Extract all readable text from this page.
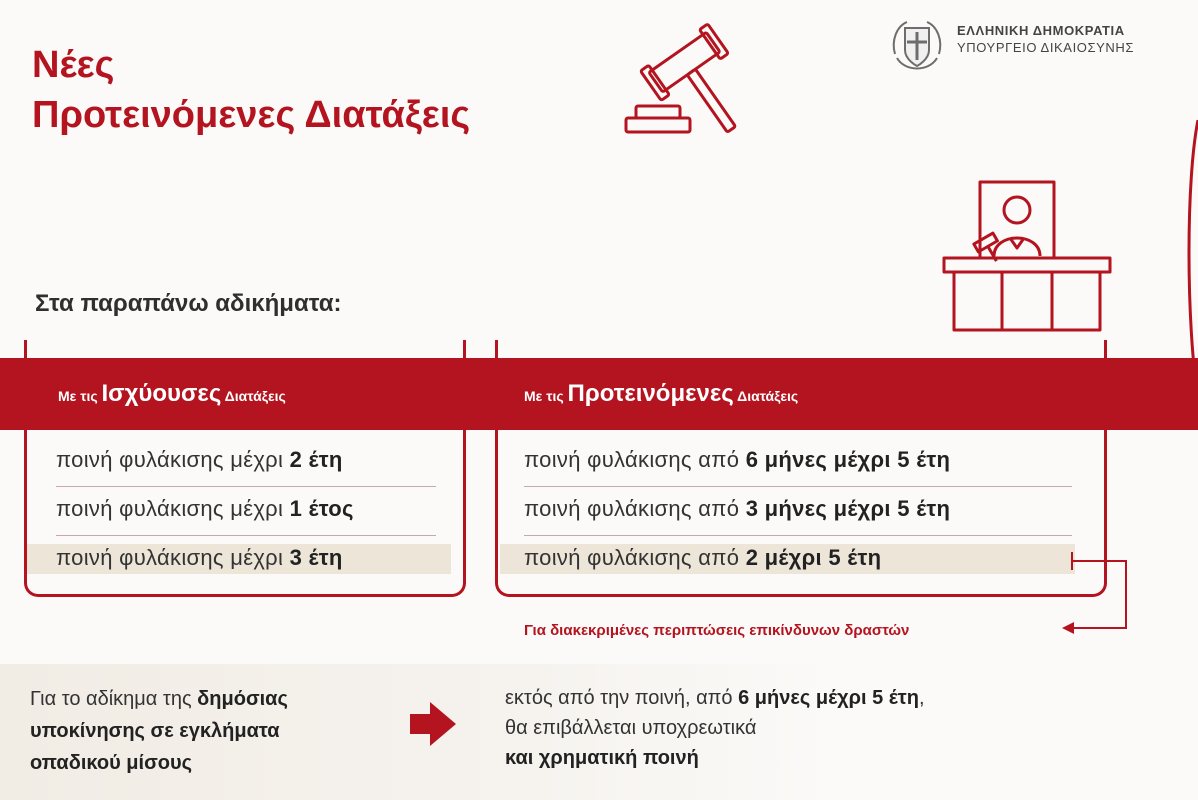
Νέες
Προτεινόμενες Διατάξεις
ΕΛΛΗΝΙΚΗ ΔΗΜΟΚΡΑΤΙΑ
ΥΠΟΥΡΓΕΙΟ ΔΙΚΑΙΟΣΥΝΗΣ
Στα παραπάνω αδικήματα:
Με τις Ισχύουσες Διατάξεις	Με τις Προτεινόμενες Διατάξεις
ποινή φυλάκισης μέχρι 2 έτη
ποινή φυλάκισης μέχρι 1 έτος
ποινή φυλάκισης μέχρι 3 έτη
ποινή φυλάκισης από 6 μήνες μέχρι 5 έτη
ποινή φυλάκισης από 3 μήνες μέχρι 5 έτη
ποινή φυλάκισης από 2 μέχρι 5 έτη
Για διακεκριμένες περιπτώσεις επικίνδυνων δραστών
Για το αδίκημα της δημόσιας
υποκίνησης σε εγκλήματα
οπαδικού μίσους
εκτός από την ποινή, από 6 μήνες μέχρι 5 έτη,
θα επιβάλλεται υποχρεωτικά
και χρηματική ποινή
